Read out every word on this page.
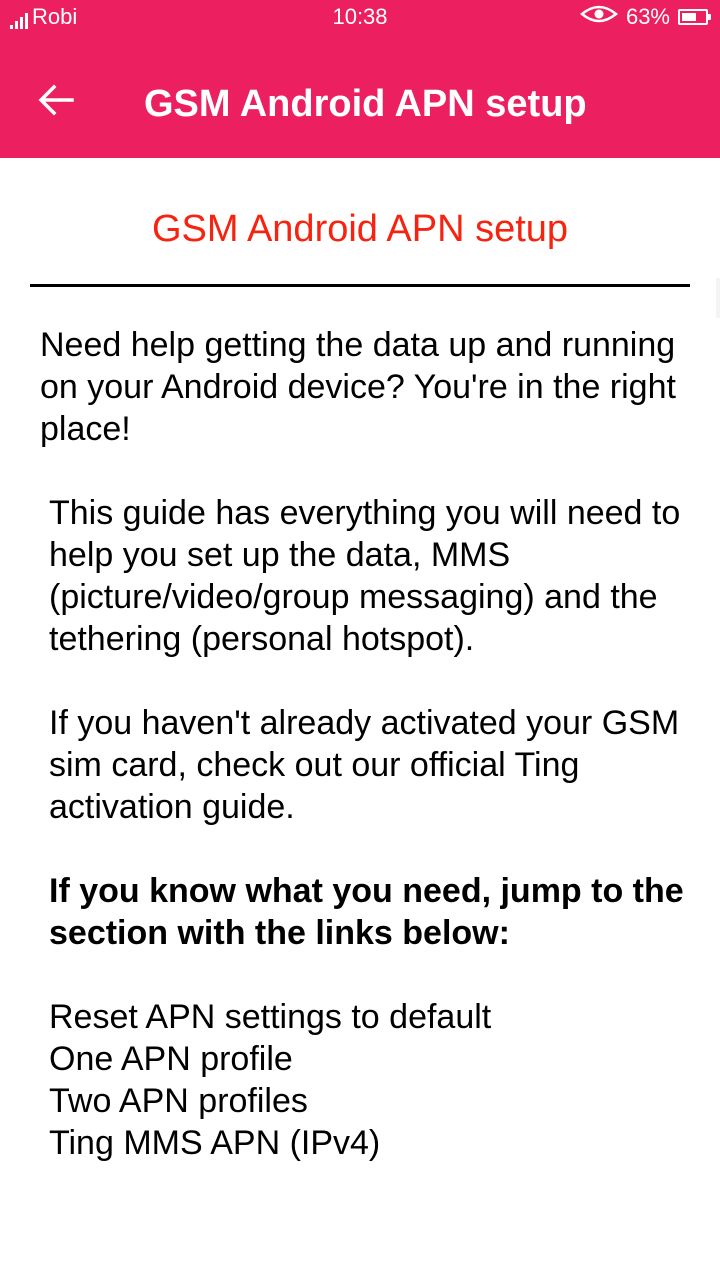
Robi	10:38	63%
GSM Android APN setup
GSM Android APN setup

Need help getting the data up and running on your Android device? You're in the right place!

This guide has everything you will need to help you set up the data, MMS (picture/video/group messaging) and the tethering (personal hotspot).

If you haven't already activated your GSM sim card, check out our official Ting activation guide.

If you know what you need, jump to the section with the links below:

Reset APN settings to default
One APN profile
Two APN profiles
Ting MMS APN (IPv4)
